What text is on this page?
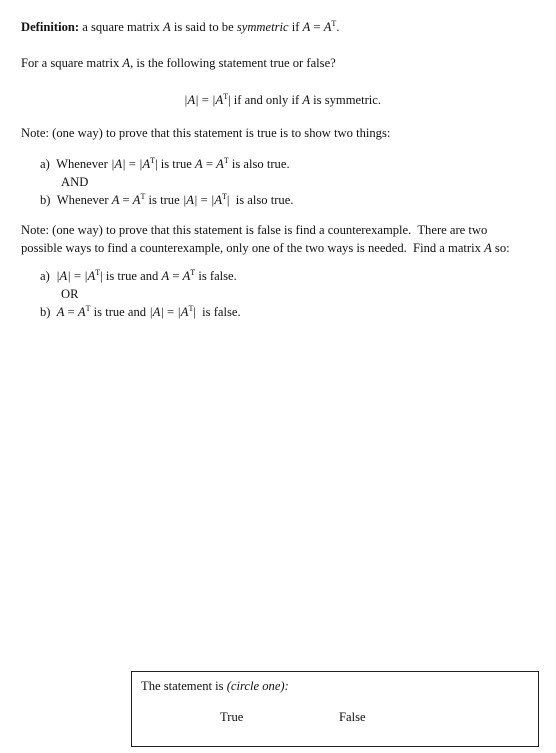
Definition: a square matrix A is said to be symmetric if $A = A^T$.
For a square matrix A, is the following statement true or false?
$|A| = |A^T|$ if and only if A is symmetric.
Note: (one way) to prove that this statement is true is to show two things:
a) Whenever $|A| = |A^T|$ is true $A = A^T$ is also true.
AND
b) Whenever $A = A^T$ is true $|A| = |A^T|$  is also true.
Note: (one way) to prove that this statement is false is find a counterexample.  There are two
possible ways to find a counterexample, only one of the two ways is needed.  Find a matrix A so:
a) $|A| = |A^T|$ is true and $A = A^T$ is false.
OR
b) $A = A^T$ is true and $|A| = |A^T|$  is false.
The statement is (circle one):
True	False
